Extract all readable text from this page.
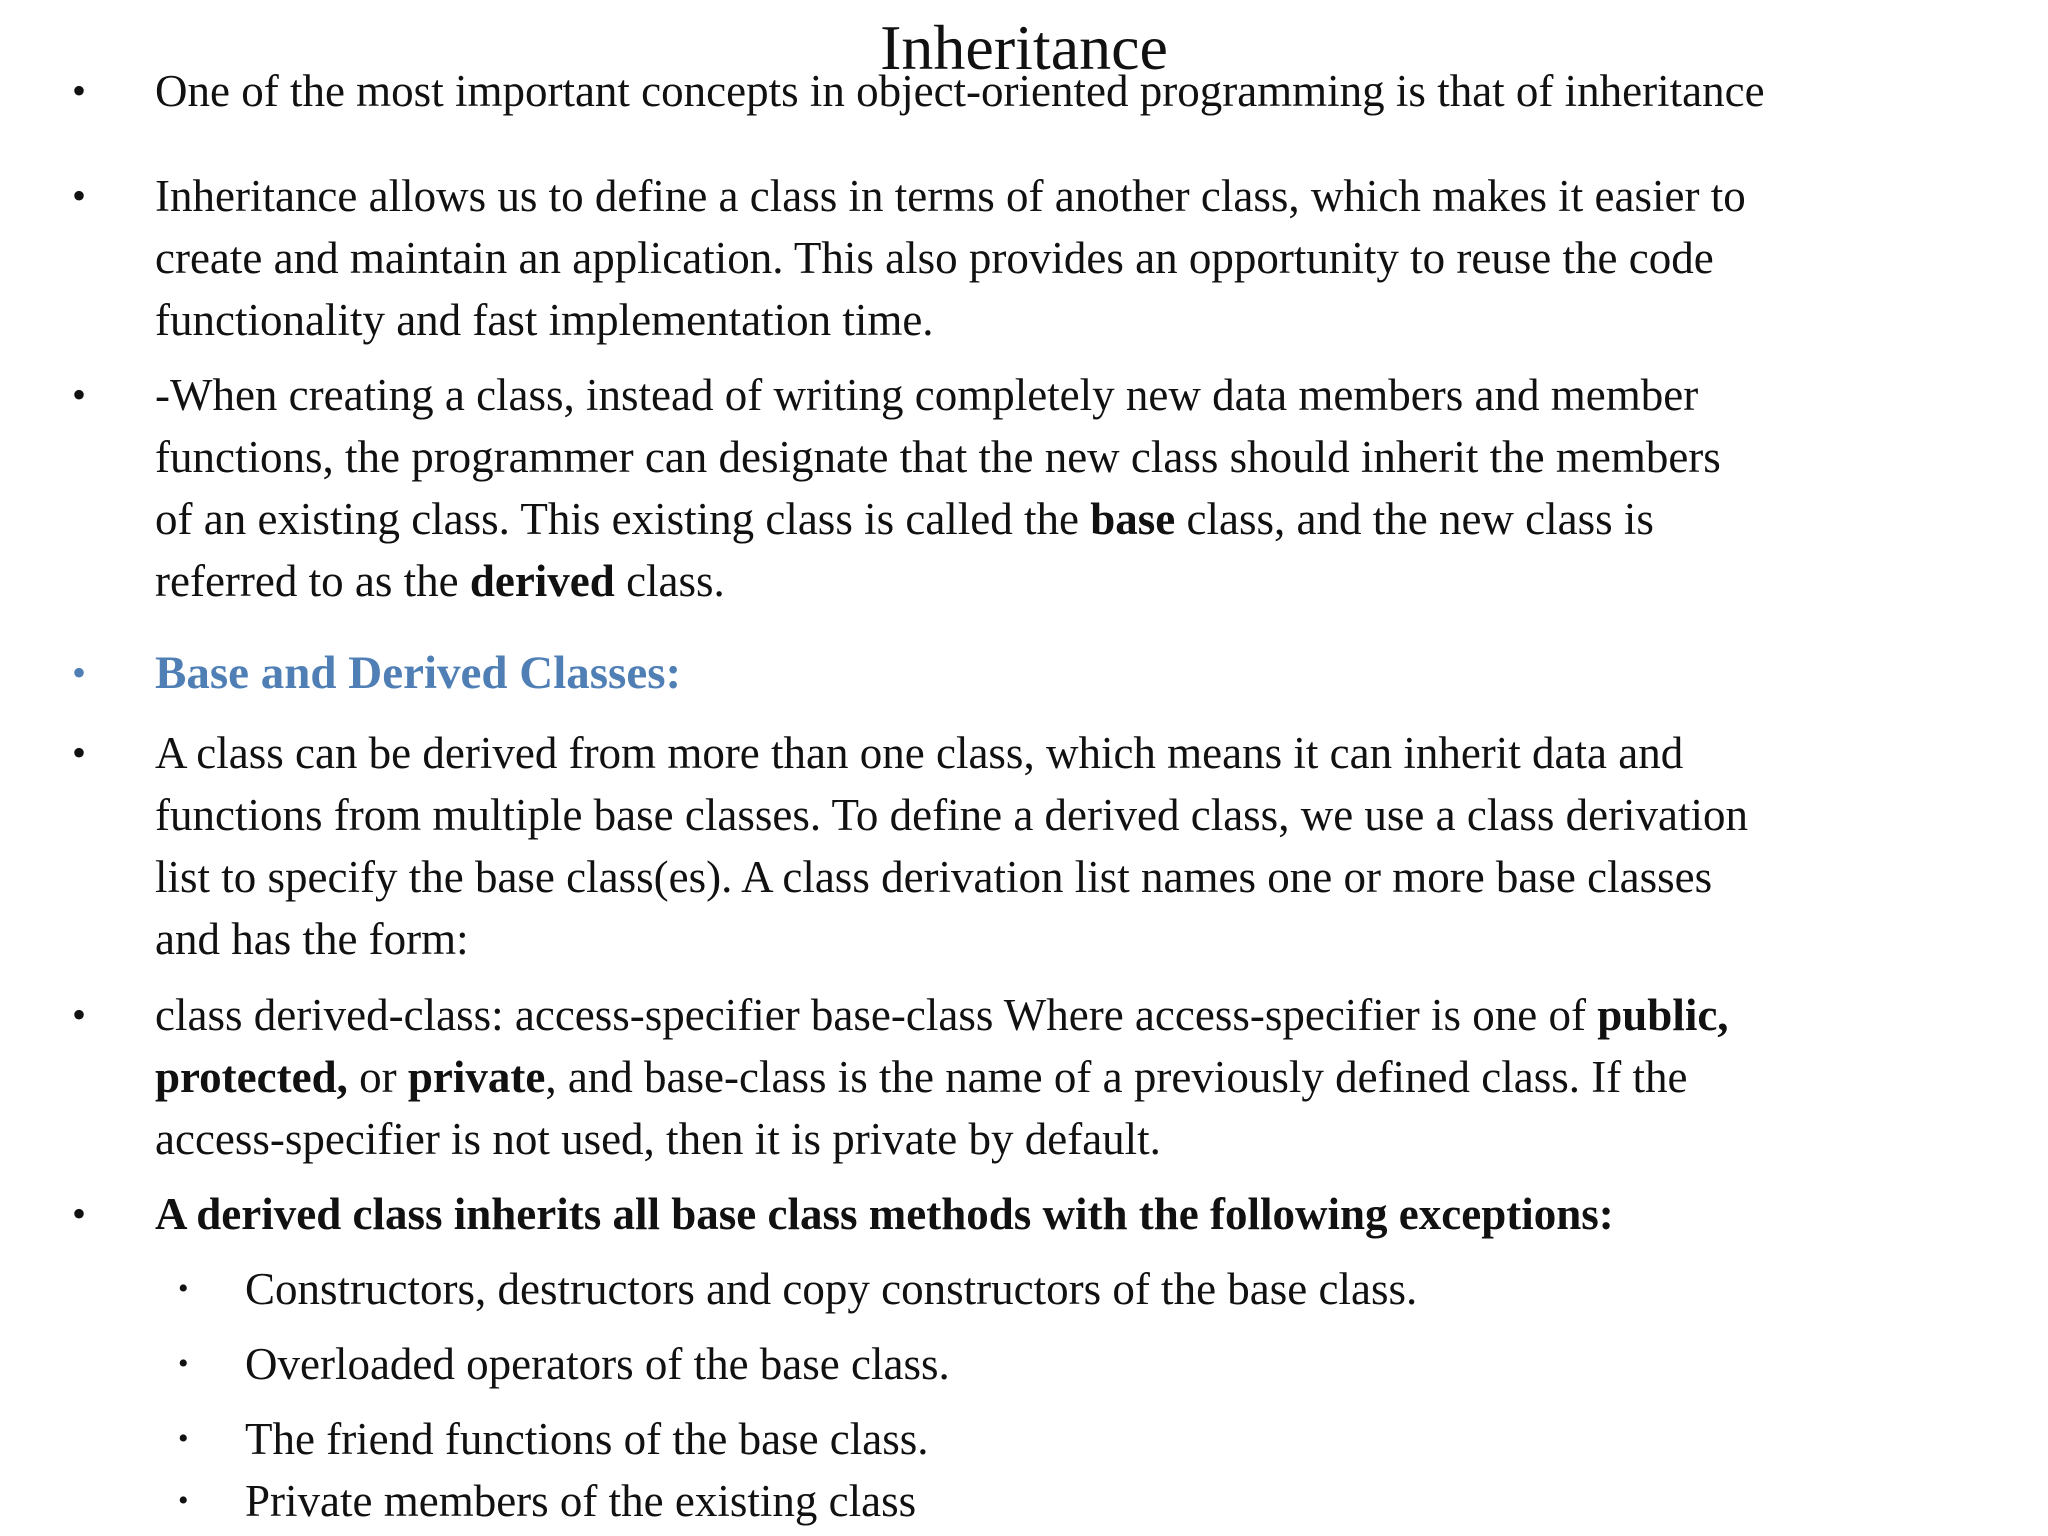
Inheritance
• One of the most important concepts in object-oriented programming is that of inheritance
• Inheritance allows us to define a class in terms of another class, which makes it easier to
create and maintain an application. This also provides an opportunity to reuse the code
functionality and fast implementation time.
• -When creating a class, instead of writing completely new data members and member
functions, the programmer can designate that the new class should inherit the members
of an existing class. This existing class is called the base class, and the new class is
referred to as the derived class.
• Base and Derived Classes:
• A class can be derived from more than one class, which means it can inherit data and
functions from multiple base classes. To define a derived class, we use a class derivation
list to specify the base class(es). A class derivation list names one or more base classes
and has the form:
• class derived-class: access-specifier base-class Where access-specifier is one of public,
protected, or private, and base-class is the name of a previously defined class. If the
access-specifier is not used, then it is private by default.
• A derived class inherits all base class methods with the following exceptions:
• Constructors, destructors and copy constructors of the base class.
• Overloaded operators of the base class.
• The friend functions of the base class.
• Private members of the existing class
